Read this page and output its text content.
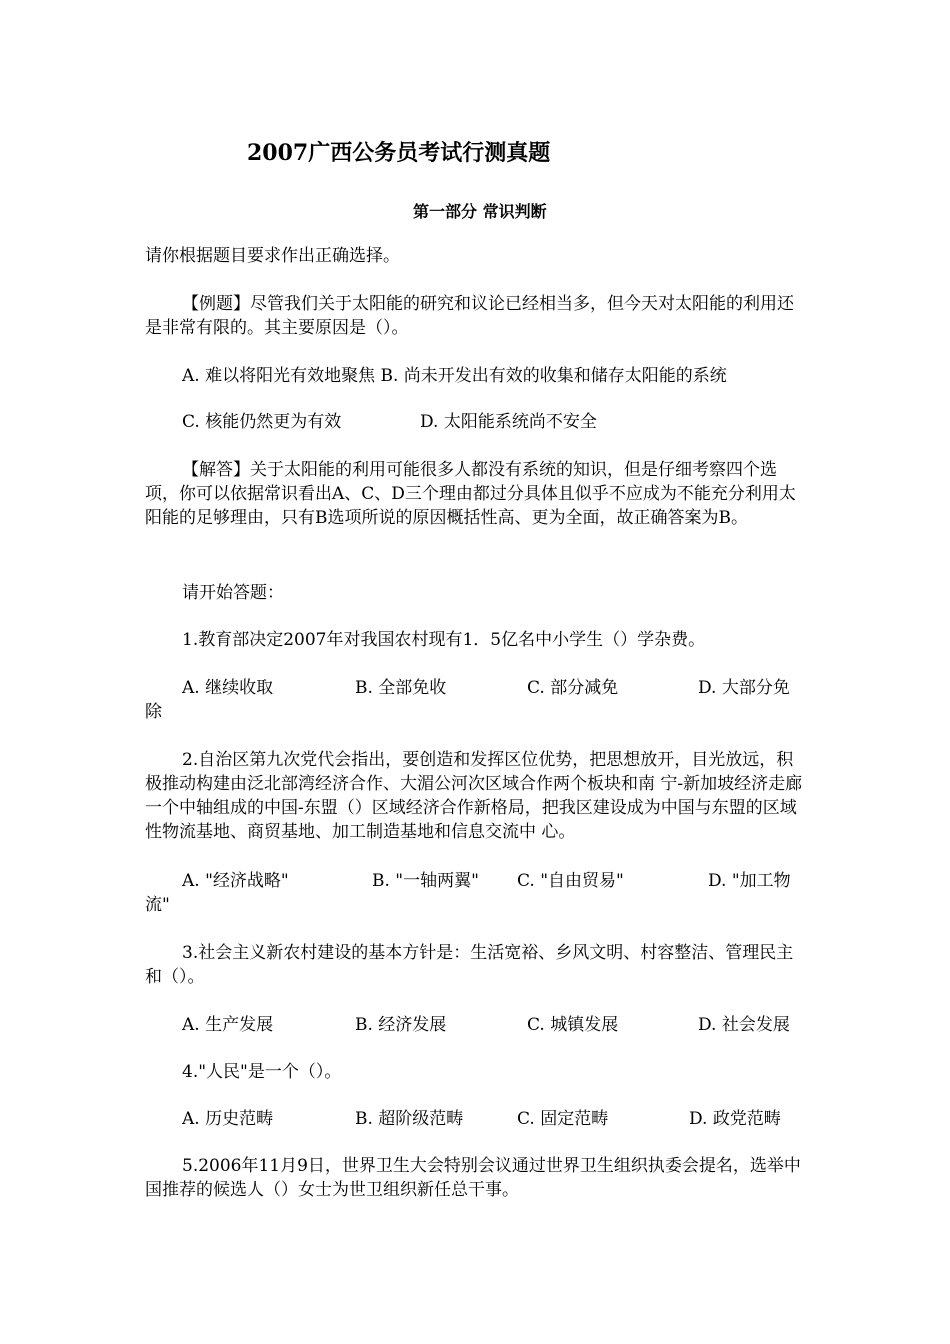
2007广西公务员考试行测真题
第一部分 常识判断
请你根据题目要求作出正确选择。
【例题】尽管我们关于太阳能的研究和议论已经相当多，但今天对太阳能的利用还是非常有限的。其主要原因是（）。
A. 难以将阳光有效地聚焦 B. 尚未开发出有效的收集和储存太阳能的系统
C. 核能仍然更为有效	D. 太阳能系统尚不安全
【解答】关于太阳能的利用可能很多人都没有系统的知识，但是仔细考察四个选项，你可以依据常识看出A、C、D三个理由都过分具体且似乎不应成为不能充分利用太阳能的足够理由，只有B选项所说的原因概括性高、更为全面，故正确答案为B。
请开始答题：
1.教育部决定2007年对我国农村现有1．5亿名中小学生（）学杂费。
A. 继续收取	B. 全部免收	C. 部分减免	D. 大部分免
除
2.自治区第九次党代会指出，要创造和发挥区位优势，把思想放开，目光放远，积极推动构建由泛北部湾经济合作、大湄公河次区域合作两个板块和南 宁-新加坡经济走廊一个中轴组成的中国-东盟（）区域经济合作新格局，把我区建设成为中国与东盟的区域性物流基地、商贸基地、加工制造基地和信息交流中 心。
A. "经济战略"	B. "一轴两翼" C. "自由贸易"	D. "加工物
流"
3.社会主义新农村建设的基本方针是：生活宽裕、乡风文明、村容整洁、管理民主和（）。
A. 生产发展	B. 经济发展	C. 城镇发展	D. 社会发展
4."人民"是一个（）。
A. 历史范畴	B. 超阶级范畴	C. 固定范畴	D. 政党范畴
5.2006年11月9日，世界卫生大会特别会议通过世界卫生组织执委会提名，选举中国推荐的候选人（）女士为世卫组织新任总干事。
